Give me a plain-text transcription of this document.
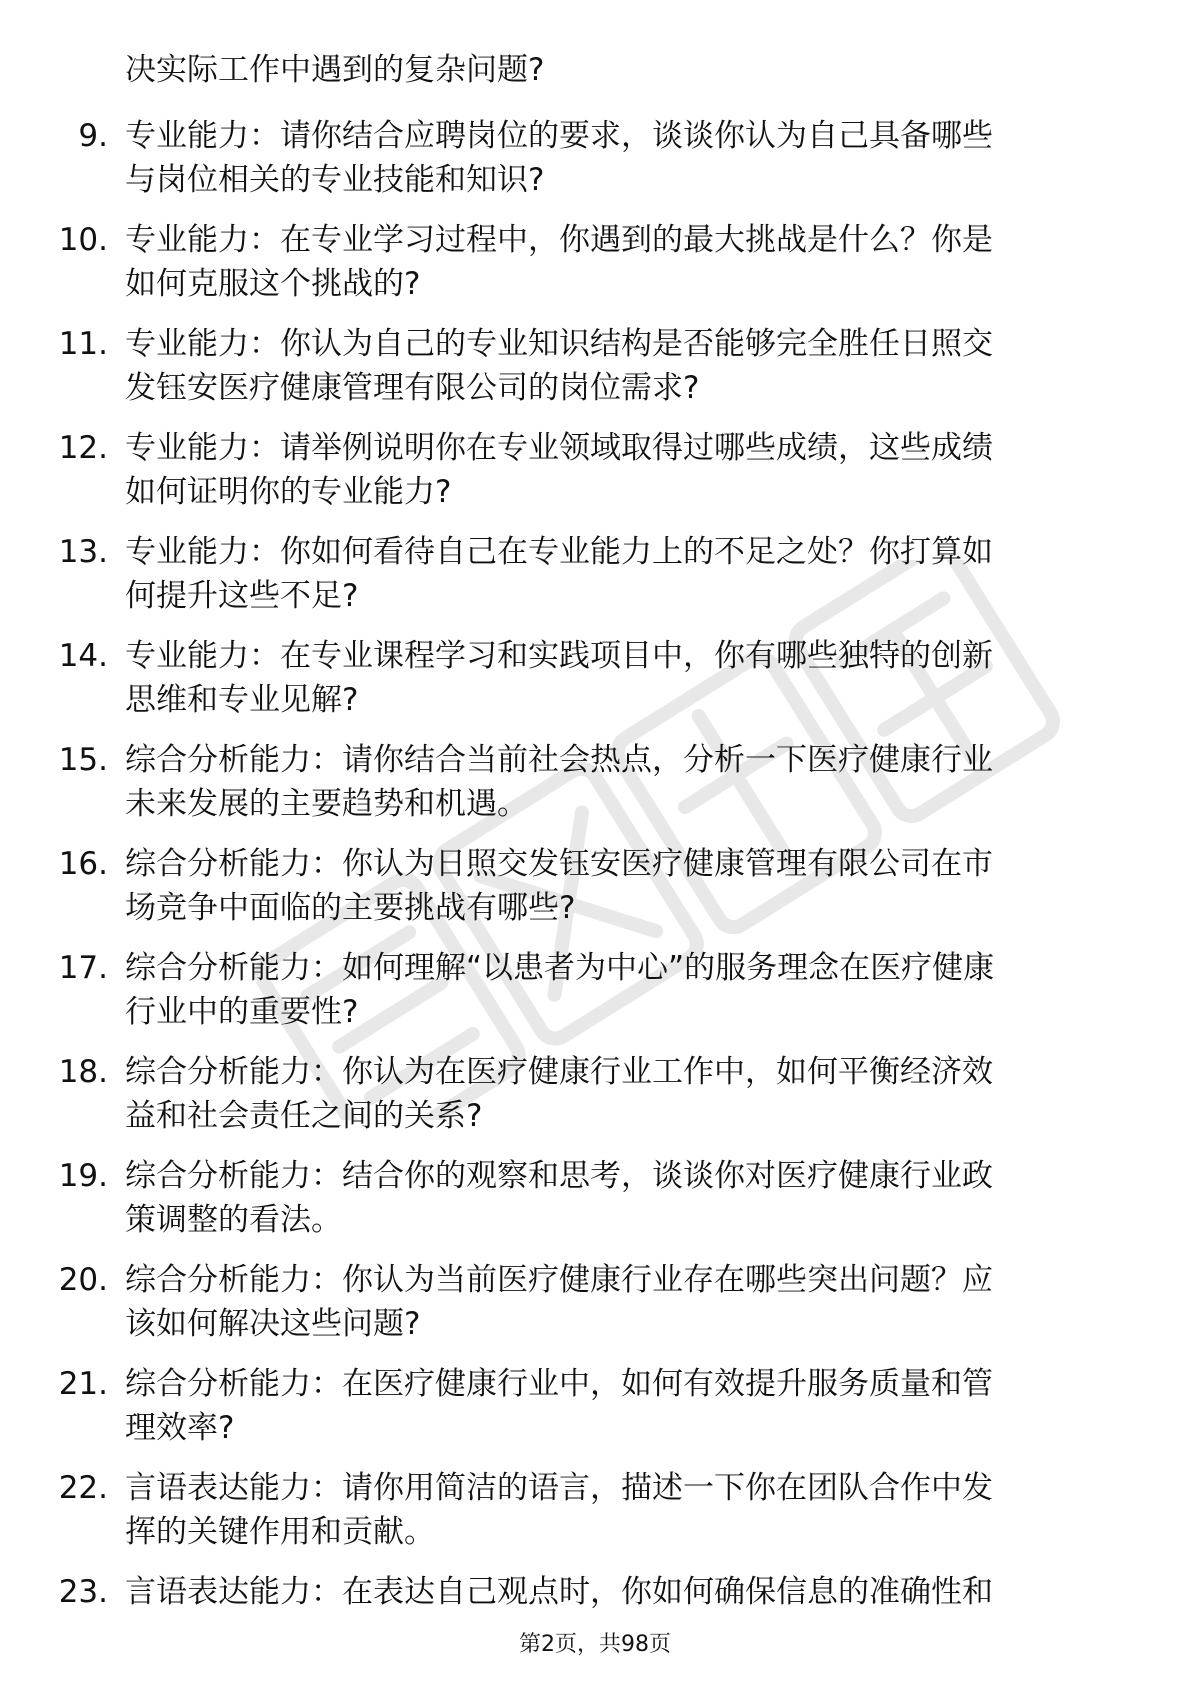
决实际工作中遇到的复杂问题?
9. 专业能力：请你结合应聘岗位的要求，谈谈你认为自己具备哪些
与岗位相关的专业技能和知识?
10. 专业能力：在专业学习过程中，你遇到的最大挑战是什么？你是
如何克服这个挑战的?
11. 专业能力：你认为自己的专业知识结构是否能够完全胜任日照交
发钰安医疗健康管理有限公司的岗位需求?
12. 专业能力：请举例说明你在专业领域取得过哪些成绩，这些成绩
如何证明你的专业能力?
13. 专业能力：你如何看待自己在专业能力上的不足之处？你打算如
何提升这些不足?
14. 专业能力：在专业课程学习和实践项目中，你有哪些独特的创新
思维和专业见解?
15. 综合分析能力：请你结合当前社会热点，分析一下医疗健康行业
未来发展的主要趋势和机遇。
16. 综合分析能力：你认为日照交发钰安医疗健康管理有限公司在市
场竞争中面临的主要挑战有哪些?
17. 综合分析能力：如何理解“以患者为中心”的服务理念在医疗健康
行业中的重要性?
18. 综合分析能力：你认为在医疗健康行业工作中，如何平衡经济效
益和社会责任之间的关系?
19. 综合分析能力：结合你的观察和思考，谈谈你对医疗健康行业政
策调整的看法。
20. 综合分析能力：你认为当前医疗健康行业存在哪些突出问题？应
该如何解决这些问题?
21. 综合分析能力：在医疗健康行业中，如何有效提升服务质量和管
理效率?
22. 言语表达能力：请你用简洁的语言，描述一下你在团队合作中发
挥的关键作用和贡献。
23. 言语表达能力：在表达自己观点时，你如何确保信息的准确性和
第2页，共98页
职
